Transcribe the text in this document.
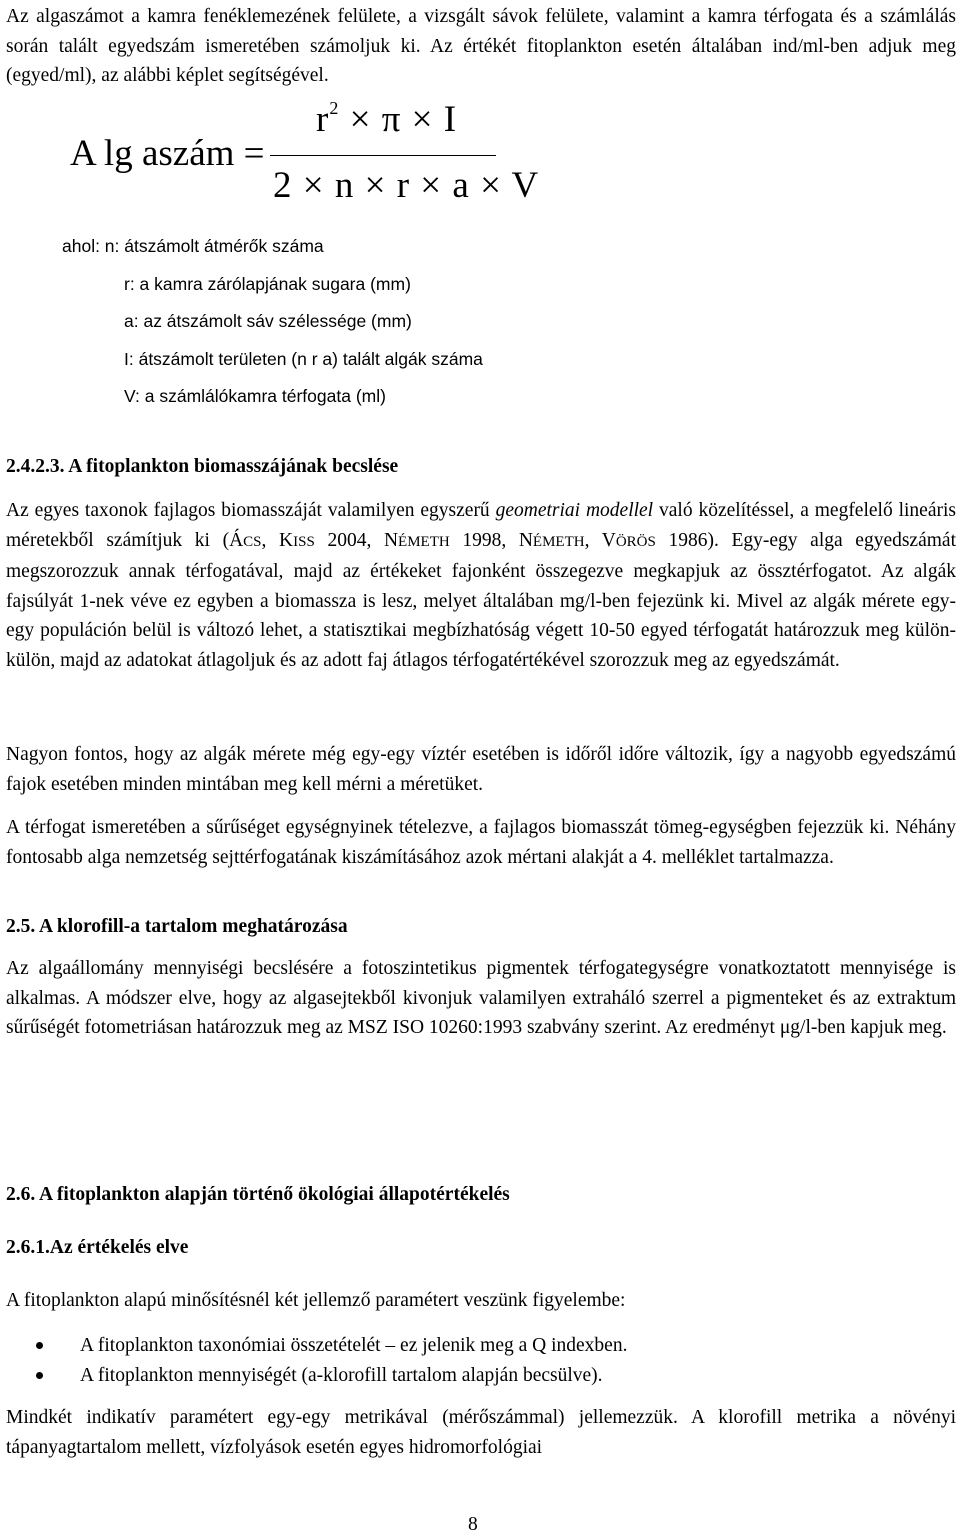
Az algaszámot a kamra fenéklemezének felülete, a vizsgált sávok felülete, valamint a kamra térfogata és a számlálás során talált egyedszám ismeretében számoljuk ki. Az értékét fitoplankton esetén általában ind/ml-ben adjuk meg (egyed/ml), az alábbi képlet segítségével.

A lg aszám =
$r^2 \times \pi \times I$
2 × n × r × a × V
ahol: n: átszámolt átmérők száma
r: a kamra zárólapjának sugara (mm)
a: az átszámolt sáv szélessége (mm)
I: átszámolt területen (n r a) talált algák száma
V: a számlálókamra térfogata (ml)

2.4.2.3. A fitoplankton biomasszájának becslése

Az egyes taxonok fajlagos biomasszáját valamilyen egyszerű geometriai modellel való közelítéssel, a megfelelő lineáris méretekből számítjuk ki (ÁCS, KISS 2004, NÉMETH 1998, NÉMETH, VÖRÖS 1986). Egy-egy alga egyedszámát megszorozzuk annak térfogatával, majd az értékeket fajonként összegezve megkapjuk az össztérfogatot. Az algák fajsúlyát 1-nek véve ez egyben a biomassza is lesz, melyet általában mg/l-ben fejezünk ki. Mivel az algák mérete egy-egy populáción belül is változó lehet, a statisztikai megbízhatóság végett 10-50 egyed térfogatát határozzuk meg külön-külön, majd az adatokat átlagoljuk és az adott faj átlagos térfogatértékével szorozzuk meg az egyedszámát.

Nagyon fontos, hogy az algák mérete még egy-egy víztér esetében is időről időre változik, így a nagyobb egyedszámú fajok esetében minden mintában meg kell mérni a méretüket.

A térfogat ismeretében a sűrűséget egységnyinek tételezve, a fajlagos biomasszát tömeg-egységben fejezzük ki. Néhány fontosabb alga nemzetség sejttérfogatának kiszámításához azok mértani alakját a 4. melléklet tartalmazza.

2.5. A klorofill-a tartalom meghatározása

Az algaállomány mennyiségi becslésére a fotoszintetikus pigmentek térfogategységre vonatkoztatott mennyisége is alkalmas. A módszer elve, hogy az algasejtekből kivonjuk valamilyen extraháló szerrel a pigmenteket és az extraktum sűrűségét fotometriásan határozzuk meg az MSZ ISO 10260:1993 szabvány szerint. Az eredményt μg/l-ben kapjuk meg.

2.6. A fitoplankton alapján történő ökológiai állapotértékelés

2.6.1.Az értékelés elve

A fitoplankton alapú minősítésnél két jellemző paramétert veszünk figyelembe:

A fitoplankton taxonómiai összetételét – ez jelenik meg a Q indexben.
A fitoplankton mennyiségét (a-klorofill tartalom alapján becsülve).

Mindkét indikatív paramétert egy-egy metrikával (mérőszámmal) jellemezzük. A klorofill metrika a növényi tápanyagtartalom mellett, vízfolyások esetén egyes hidromorfológiai

8
